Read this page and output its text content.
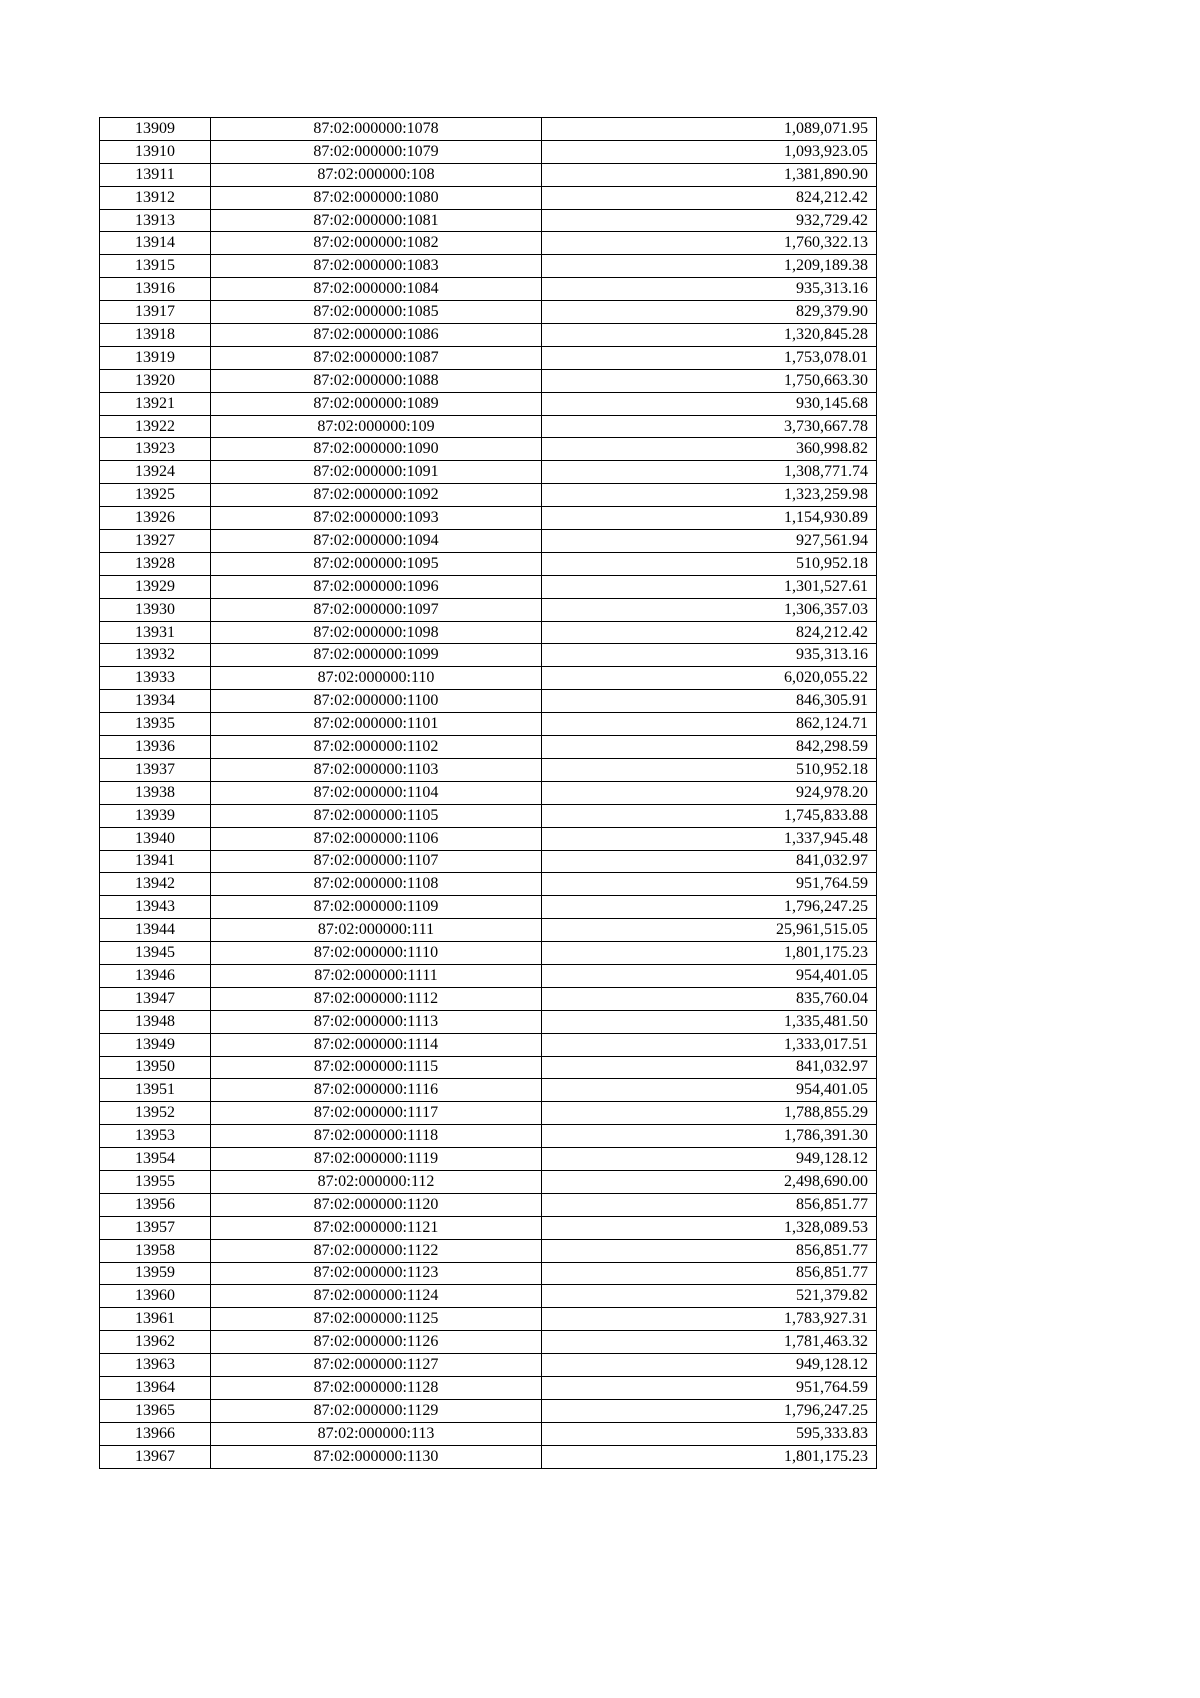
13909	87:02:000000:1078	1,089,071.95
13910	87:02:000000:1079	1,093,923.05
13911	87:02:000000:108	1,381,890.90
13912	87:02:000000:1080	824,212.42
13913	87:02:000000:1081	932,729.42
13914	87:02:000000:1082	1,760,322.13
13915	87:02:000000:1083	1,209,189.38
13916	87:02:000000:1084	935,313.16
13917	87:02:000000:1085	829,379.90
13918	87:02:000000:1086	1,320,845.28
13919	87:02:000000:1087	1,753,078.01
13920	87:02:000000:1088	1,750,663.30
13921	87:02:000000:1089	930,145.68
13922	87:02:000000:109	3,730,667.78
13923	87:02:000000:1090	360,998.82
13924	87:02:000000:1091	1,308,771.74
13925	87:02:000000:1092	1,323,259.98
13926	87:02:000000:1093	1,154,930.89
13927	87:02:000000:1094	927,561.94
13928	87:02:000000:1095	510,952.18
13929	87:02:000000:1096	1,301,527.61
13930	87:02:000000:1097	1,306,357.03
13931	87:02:000000:1098	824,212.42
13932	87:02:000000:1099	935,313.16
13933	87:02:000000:110	6,020,055.22
13934	87:02:000000:1100	846,305.91
13935	87:02:000000:1101	862,124.71
13936	87:02:000000:1102	842,298.59
13937	87:02:000000:1103	510,952.18
13938	87:02:000000:1104	924,978.20
13939	87:02:000000:1105	1,745,833.88
13940	87:02:000000:1106	1,337,945.48
13941	87:02:000000:1107	841,032.97
13942	87:02:000000:1108	951,764.59
13943	87:02:000000:1109	1,796,247.25
13944	87:02:000000:111	25,961,515.05
13945	87:02:000000:1110	1,801,175.23
13946	87:02:000000:1111	954,401.05
13947	87:02:000000:1112	835,760.04
13948	87:02:000000:1113	1,335,481.50
13949	87:02:000000:1114	1,333,017.51
13950	87:02:000000:1115	841,032.97
13951	87:02:000000:1116	954,401.05
13952	87:02:000000:1117	1,788,855.29
13953	87:02:000000:1118	1,786,391.30
13954	87:02:000000:1119	949,128.12
13955	87:02:000000:112	2,498,690.00
13956	87:02:000000:1120	856,851.77
13957	87:02:000000:1121	1,328,089.53
13958	87:02:000000:1122	856,851.77
13959	87:02:000000:1123	856,851.77
13960	87:02:000000:1124	521,379.82
13961	87:02:000000:1125	1,783,927.31
13962	87:02:000000:1126	1,781,463.32
13963	87:02:000000:1127	949,128.12
13964	87:02:000000:1128	951,764.59
13965	87:02:000000:1129	1,796,247.25
13966	87:02:000000:113	595,333.83
13967	87:02:000000:1130	1,801,175.23
